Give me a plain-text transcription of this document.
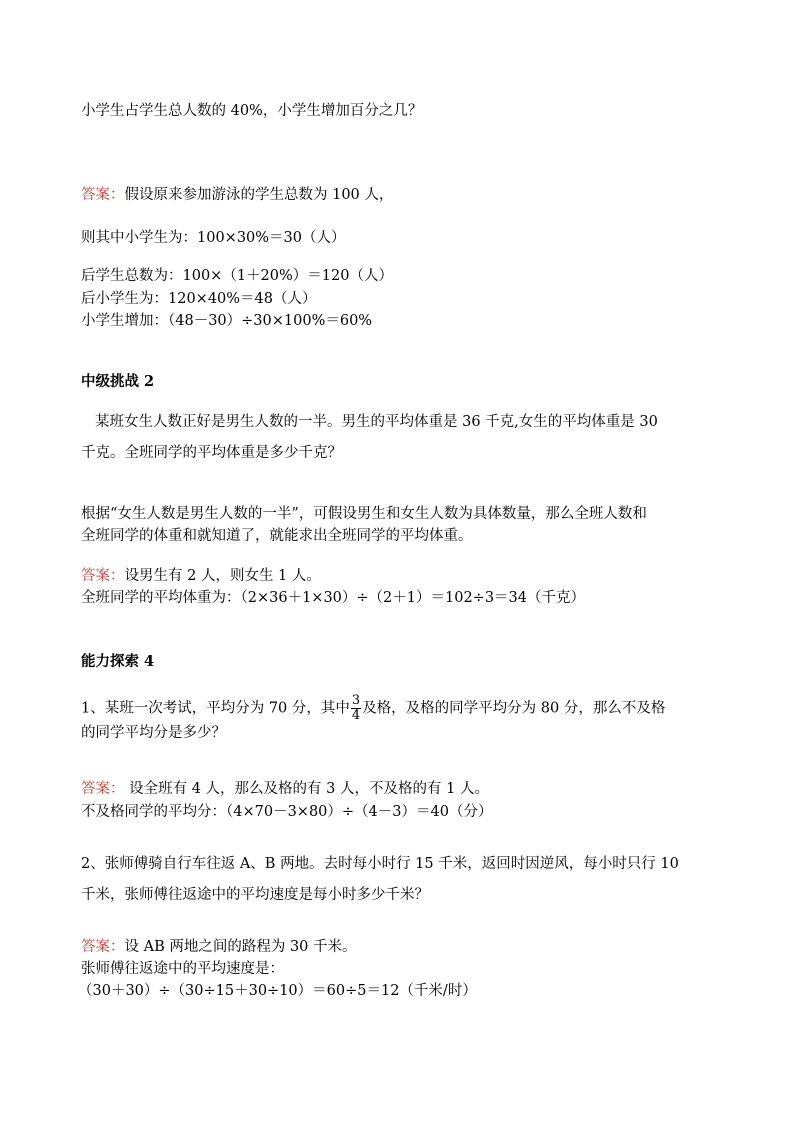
小学生占学生总人数的 40%，小学生增加百分之几？
答案：假设原来参加游泳的学生总数为 100 人，
则其中小学生为：100×30%＝30（人）
后学生总数为：100×（1＋20%）＝120（人）
后小学生为：120×40%＝48（人）
小学生增加：（48－30）÷30×100%＝60%
中级挑战 2
某班女生人数正好是男生人数的一半。男生的平均体重是 36 千克,女生的平均体重是 30
千克。全班同学的平均体重是多少千克？
根据“女生人数是男生人数的一半”，可假设男生和女生人数为具体数量，那么全班人数和
全班同学的体重和就知道了，就能求出全班同学的平均体重。
答案：设男生有 2 人，则女生 1 人。
全班同学的平均体重为：（2×36＋1×30）÷（2＋1）＝102÷3＝34（千克）
能力探索 4
1、某班一次考试，平均分为 70 分，其中 $\frac{3}{4}$ 及格，及格的同学平均分为 80 分，那么不及格
的同学平均分是多少？
答案： 设全班有 4 人，那么及格的有 3 人，不及格的有 1 人。
不及格同学的平均分：（4×70－3×80）÷（4－3）＝40（分）
2、张师傅骑自行车往返 A、B 两地。去时每小时行 15 千米，返回时因逆风，每小时只行 10
千米，张师傅往返途中的平均速度是每小时多少千米？
答案：设 AB 两地之间的路程为 30 千米。
张师傅往返途中的平均速度是：
（30＋30）÷（30÷15＋30÷10）＝60÷5＝12（千米/时）
